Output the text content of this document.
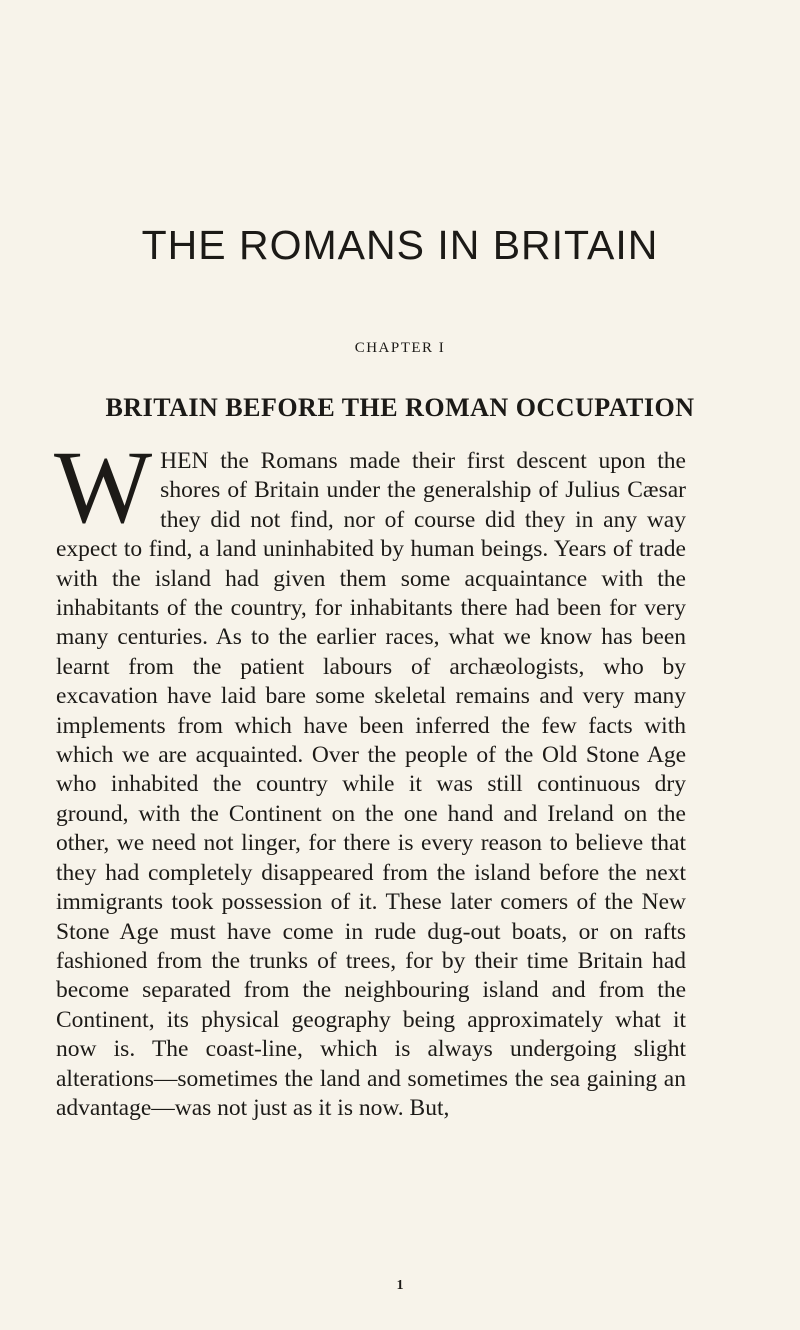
THE ROMANS IN BRITAIN
CHAPTER I
BRITAIN BEFORE THE ROMAN OCCUPATION
WHEN the Romans made their first descent upon the shores of Britain under the generalship of Julius Cæsar they did not find, nor of course did they in any way expect to find, a land uninhabited by human beings. Years of trade with the island had given them some acquaintance with the inhabitants of the country, for inhabitants there had been for very many centuries. As to the earlier races, what we know has been learnt from the patient labours of archæologists, who by excavation have laid bare some skeletal remains and very many implements from which have been inferred the few facts with which we are acquainted. Over the people of the Old Stone Age who inhabited the country while it was still continuous dry ground, with the Continent on the one hand and Ireland on the other, we need not linger, for there is every reason to believe that they had completely disappeared from the island before the next immigrants took possession of it. These later comers of the New Stone Age must have come in rude dug-out boats, or on rafts fashioned from the trunks of trees, for by their time Britain had become separated from the neighbouring island and from the Continent, its physical geography being approximately what it now is. The coast-line, which is always undergoing slight alterations—sometimes the land and sometimes the sea gaining an advantage—was not just as it is now. But,
1
